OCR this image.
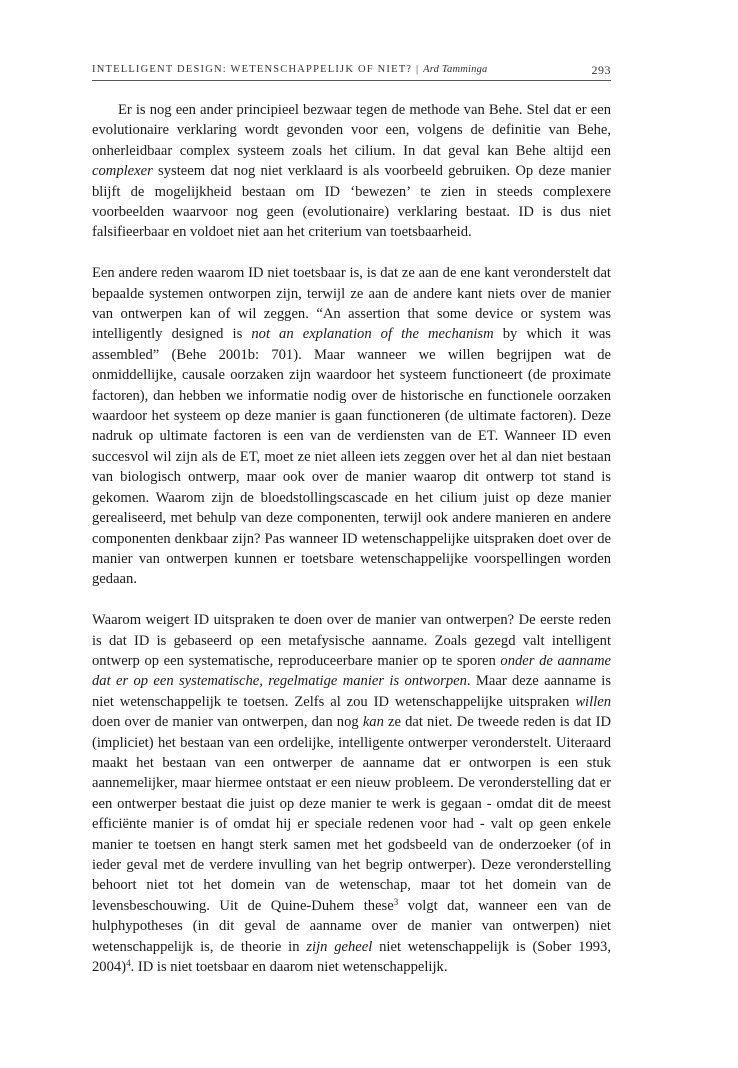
INTELLIGENT DESIGN: WETENSCHAPPELIJK OF NIET? | Ard Tamminga	293

Er is nog een ander principieel bezwaar tegen de methode van Behe. Stel dat er een evolutionaire verklaring wordt gevonden voor een, volgens de definitie van Behe, onherleidbaar complex systeem zoals het cilium. In dat geval kan Behe altijd een complexer systeem dat nog niet verklaard is als voorbeeld gebruiken. Op deze manier blijft de mogelijkheid bestaan om ID ‘bewezen’ te zien in steeds complexere voorbeelden waarvoor nog geen (evolutionaire) verklaring bestaat. ID is dus niet falsifieerbaar en voldoet niet aan het criterium van toetsbaarheid.

Een andere reden waarom ID niet toetsbaar is, is dat ze aan de ene kant veronderstelt dat bepaalde systemen ontworpen zijn, terwijl ze aan de andere kant niets over de manier van ontwerpen kan of wil zeggen. “An assertion that some device or system was intelligently designed is not an explanation of the mechanism by which it was assembled” (Behe 2001b: 701). Maar wanneer we willen begrijpen wat de onmiddellijke, causale oorzaken zijn waardoor het systeem functioneert (de proximate factoren), dan hebben we informatie nodig over de historische en functionele oorzaken waardoor het systeem op deze manier is gaan functioneren (de ultimate factoren). Deze nadruk op ultimate factoren is een van de verdiensten van de ET. Wanneer ID even succesvol wil zijn als de ET, moet ze niet alleen iets zeggen over het al dan niet bestaan van biologisch ontwerp, maar ook over de manier waarop dit ontwerp tot stand is gekomen. Waarom zijn de bloedstollingscascade en het cilium juist op deze manier gerealiseerd, met behulp van deze componenten, terwijl ook andere manieren en andere componenten denkbaar zijn? Pas wanneer ID wetenschappelijke uitspraken doet over de manier van ontwerpen kunnen er toetsbare wetenschappelijke voorspellingen worden gedaan.

Waarom weigert ID uitspraken te doen over de manier van ontwerpen? De eerste reden is dat ID is gebaseerd op een metafysische aanname. Zoals gezegd valt intelligent ontwerp op een systematische, reproduceerbare manier op te sporen onder de aanname dat er op een systematische, regelmatige manier is ontworpen. Maar deze aanname is niet wetenschappelijk te toetsen. Zelfs al zou ID wetenschappelijke uitspraken willen doen over de manier van ontwerpen, dan nog kan ze dat niet. De tweede reden is dat ID (impliciet) het bestaan van een ordelijke, intelligente ontwerper veronderstelt. Uiteraard maakt het bestaan van een ontwerper de aanname dat er ontworpen is een stuk aannemelijker, maar hiermee ontstaat er een nieuw probleem. De veronderstelling dat er een ontwerper bestaat die juist op deze manier te werk is gegaan - omdat dit de meest efficiënte manier is of omdat hij er speciale redenen voor had - valt op geen enkele manier te toetsen en hangt sterk samen met het godsbeeld van de onderzoeker (of in ieder geval met de verdere invulling van het begrip ontwerper). Deze veronderstelling behoort niet tot het domein van de wetenschap, maar tot het domein van de levensbeschouwing. Uit de Quine-Duhem these$^3$ volgt dat, wanneer een van de hulphypotheses (in dit geval de aanname over de manier van ontwerpen) niet wetenschappelijk is, de theorie in zijn geheel niet wetenschappelijk is (Sober 1993, 2004)$^4$. ID is niet toetsbaar en daarom niet wetenschappelijk.
